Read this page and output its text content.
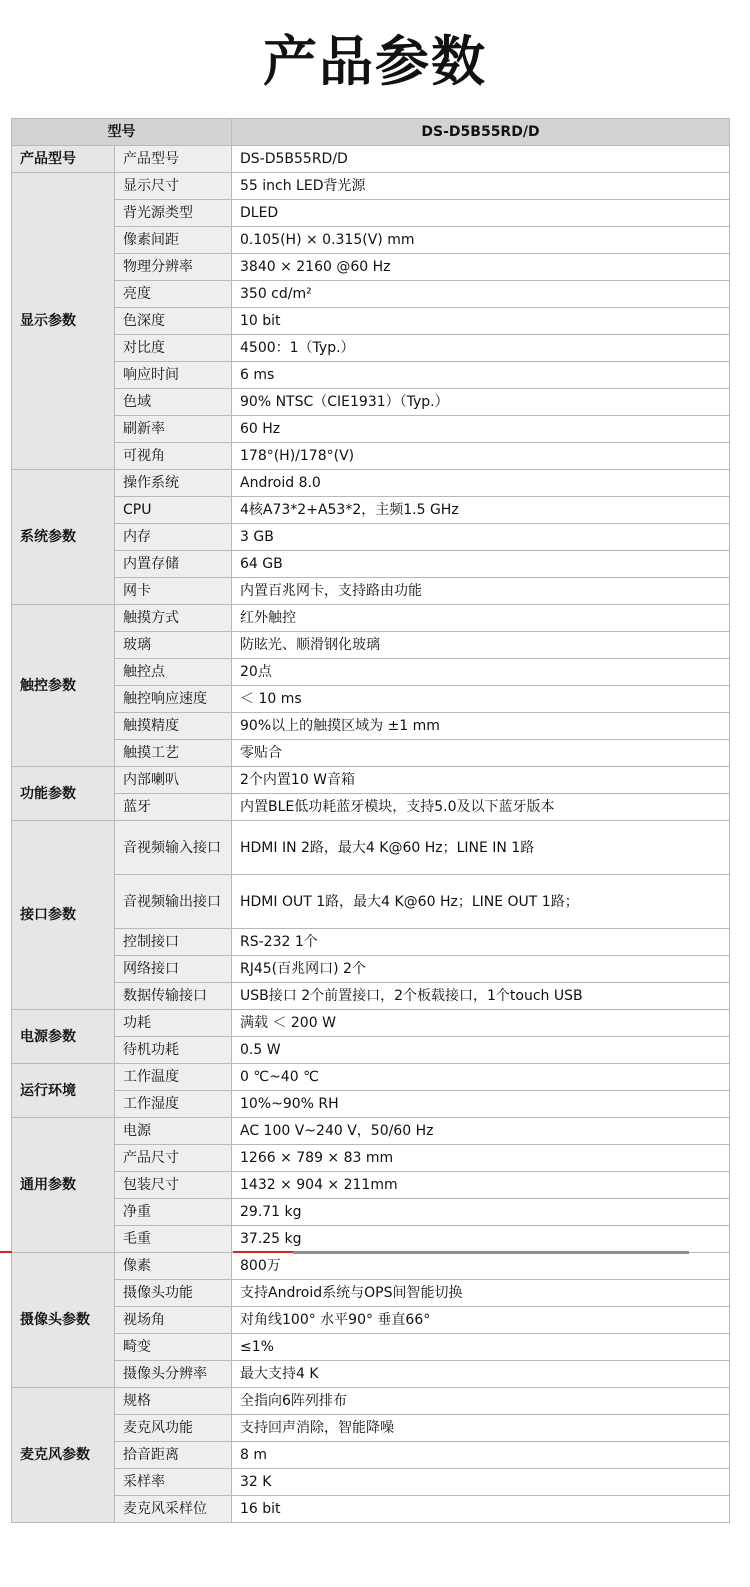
产品参数
型号		DS-D5B55RD/D
产品型号	产品型号	DS-D5B55RD/D
显示参数	显示尺寸	55 inch LED背光源
	背光源类型	DLED
	像素间距	0.105(H) × 0.315(V) mm
	物理分辨率	3840 × 2160 @60 Hz
	亮度	350 cd/m²
	色深度	10 bit
	对比度	4500：1（Typ.）
	响应时间	6 ms
	色域	90% NTSC（CIE1931）（Typ.）
	刷新率	60 Hz
	可视角	178°(H)/178°(V)
系统参数	操作系统	Android 8.0
	CPU	4核A73*2+A53*2，主频1.5 GHz
	内存	3 GB
	内置存储	64 GB
	网卡	内置百兆网卡，支持路由功能
触控参数	触摸方式	红外触控
	玻璃	防眩光、顺滑钢化玻璃
	触控点	20点
	触控响应速度	＜ 10 ms
	触摸精度	90%以上的触摸区域为 ±1 mm
	触摸工艺	零贴合
功能参数	内部喇叭	2个内置10 W音箱
	蓝牙	内置BLE低功耗蓝牙模块，支持5.0及以下蓝牙版本
接口参数	音视频输入接口	HDMI IN 2路，最大4 K@60 Hz；LINE IN 1路
	音视频输出接口	HDMI OUT 1路，最大4 K@60 Hz；LINE OUT 1路；
	控制接口	RS-232 1个
	网络接口	RJ45(百兆网口) 2个
	数据传输接口	USB接口 2个前置接口，2个板载接口，1个touch USB
电源参数	功耗	满载 ＜ 200 W
	待机功耗	0.5 W
运行环境	工作温度	0 ℃~40 ℃
	工作湿度	10%~90% RH
通用参数	电源	AC 100 V~240 V，50/60 Hz
	产品尺寸	1266 × 789 × 83 mm
	包装尺寸	1432 × 904 × 211mm
	净重	29.71 kg
	毛重	37.25 kg
摄像头参数	像素	800万
	摄像头功能	支持Android系统与OPS间智能切换
	视场角	对角线100° 水平90° 垂直66°
	畸变	≤1%
	摄像头分辨率	最大支持4 K
麦克风参数	规格	全指向6阵列排布
	麦克风功能	支持回声消除，智能降噪
	拾音距离	8 m
	采样率	32 K
	麦克风采样位	16 bit
